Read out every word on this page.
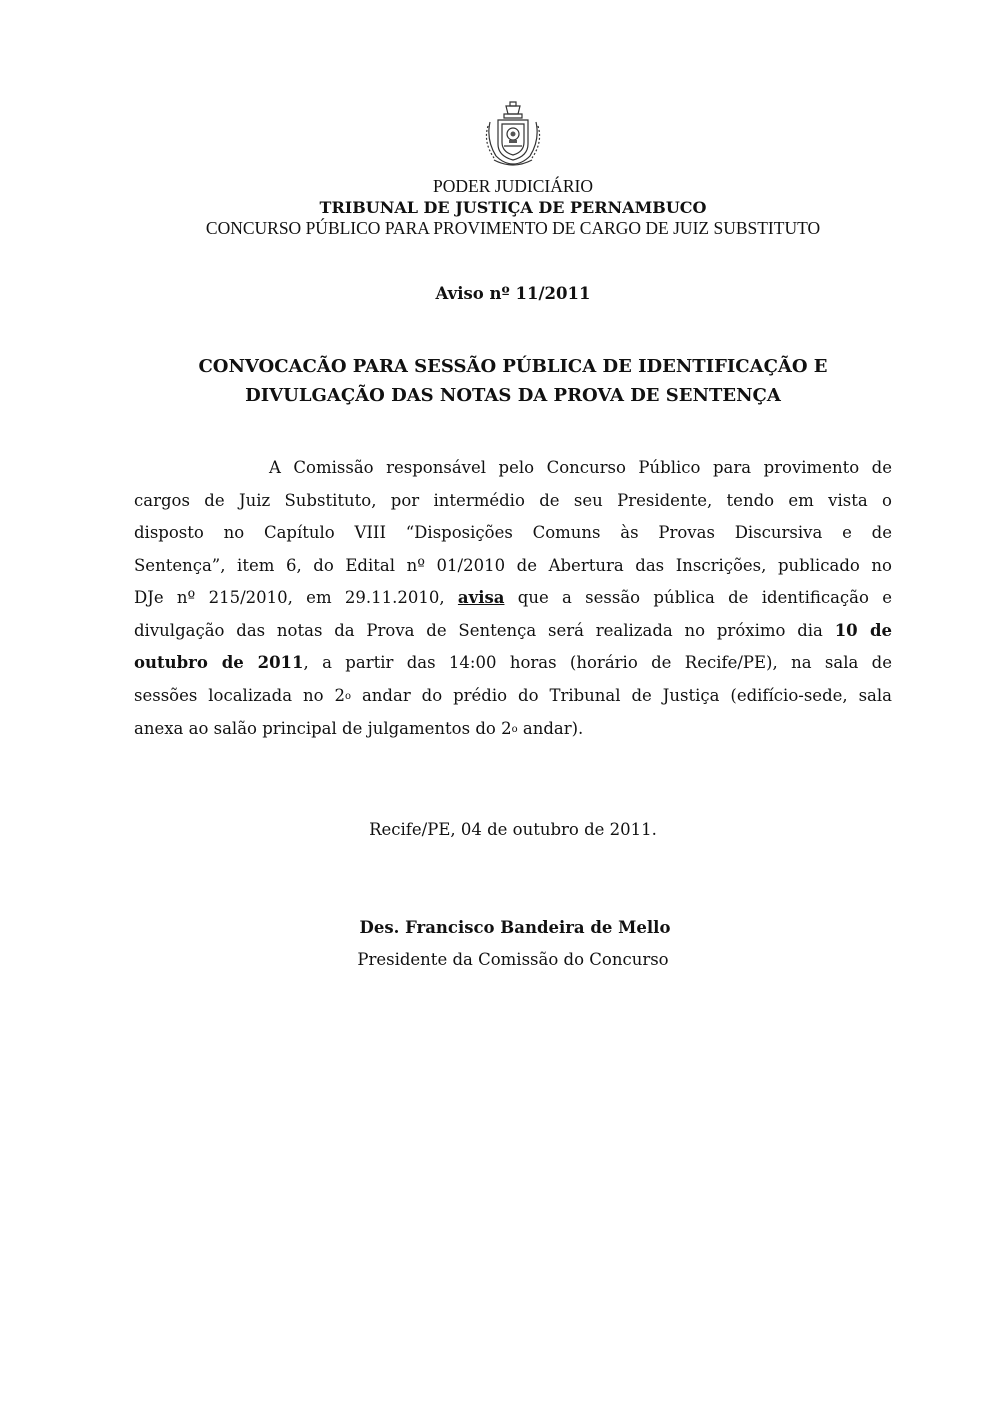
PODER JUDICIÁRIO
TRIBUNAL DE JUSTIÇA DE PERNAMBUCO
CONCURSO PÚBLICO PARA PROVIMENTO DE CARGO DE JUIZ SUBSTITUTO
Aviso nº 11/2011
CONVOCACÃO PARA SESSÃO PÚBLICA DE IDENTIFICAÇÃO E
DIVULGAÇÃO DAS NOTAS DA PROVA DE SENTENÇA
A Comissão responsável pelo Concurso Público para provimento de
cargos de Juiz Substituto, por intermédio de seu Presidente, tendo em vista o
disposto no Capítulo VIII “Disposições Comuns às Provas Discursiva e de
Sentença”, item 6, do Edital nº 01/2010 de Abertura das Inscrições, publicado no
DJe nº 215/2010, em 29.11.2010, avisa que a sessão pública de identificação e
divulgação das notas da Prova de Sentença será realizada no próximo dia 10 de
outubro de 2011, a partir das 14:00 horas (horário de Recife/PE), na sala de
sessões localizada no 2$^o$ andar do prédio do Tribunal de Justiça (edifício-sede, sala
anexa ao salão principal de julgamentos do 2$^o$ andar).
Recife/PE, 04 de outubro de 2011.
Des. Francisco Bandeira de Mello
Presidente da Comissão do Concurso
